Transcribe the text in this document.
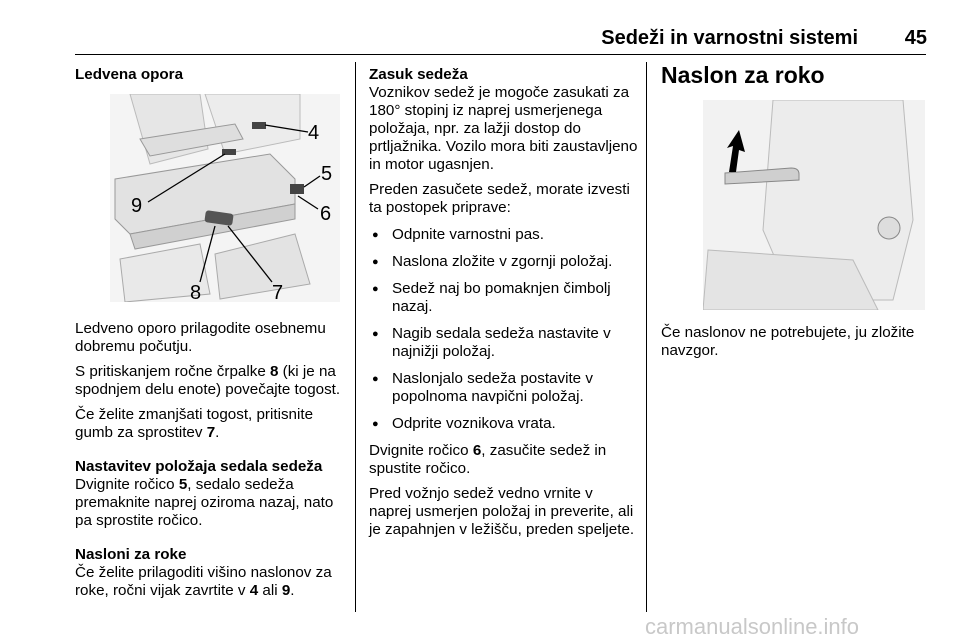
Sedeži in varnostni sistemi 45

Ledvena opora

4
5
6
7
8
9

Ledveno oporo prilagodite osebnemu dobremu počutju.

S pritiskanjem ročne črpalke 8 (ki je na spodnjem delu enote) povečajte togost.

Če želite zmanjšati togost, pritisnite gumb za sprostitev 7.

Nastavitev položaja sedala sedeža

Dvignite ročico 5, sedalo sedeža premaknite naprej oziroma nazaj, nato pa sprostite ročico.

Nasloni za roke

Če želite prilagoditi višino naslonov za roke, ročni vijak zavrtite v 4 ali 9.

Zasuk sedeža

Voznikov sedež je mogoče zasukati za 180° stopinj iz naprej usmerjenega položaja, npr. za lažji dostop do prtljažnika. Vozilo mora biti zaustavljeno in motor ugasnjen.

Preden zasučete sedež, morate izvesti ta postopek priprave:

● Odpnite varnostni pas.
● Naslona zložite v zgornji položaj.
● Sedež naj bo pomaknjen čimbolj nazaj.
● Nagib sedala sedeža nastavite v najnižji položaj.
● Naslonjalo sedeža postavite v popolnoma navpični položaj.
● Odprite voznikova vrata.

Dvignite ročico 6, zasučite sedež in spustite ročico.

Pred vožnjo sedež vedno vrnite v naprej usmerjen položaj in preverite, ali je zapahnjen v ležišču, preden speljete.

Naslon za roko

Če naslonov ne potrebujete, ju zložite navzgor.

carmanualsonline.info
